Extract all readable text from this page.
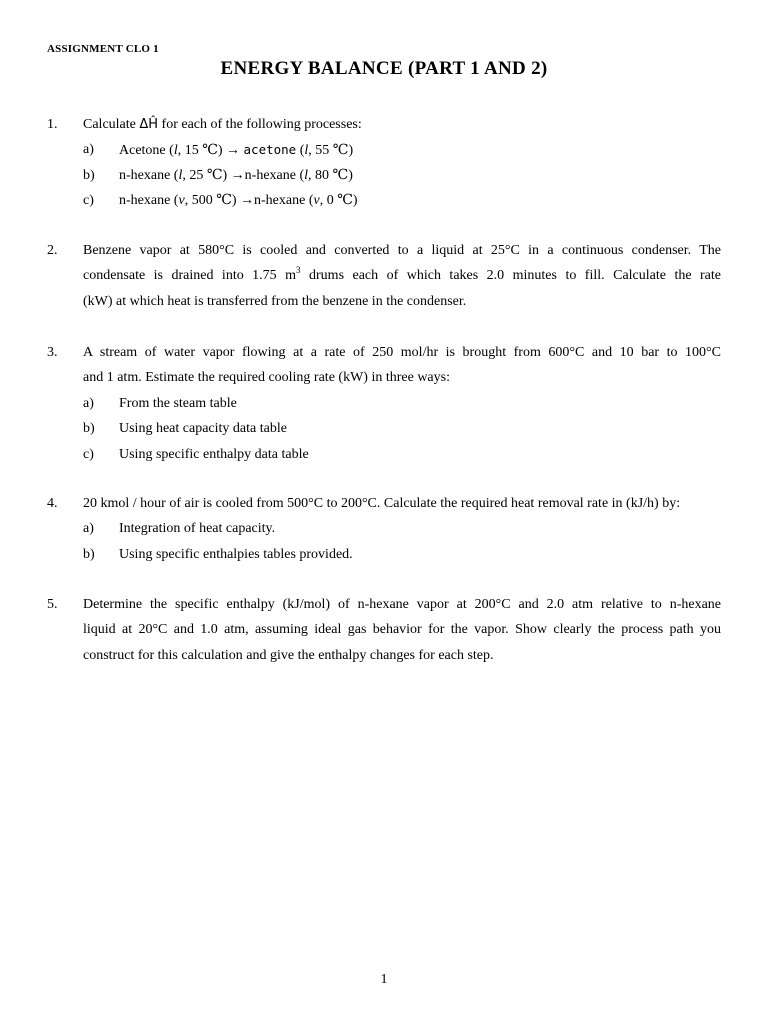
ASSIGNMENT CLO 1
ENERGY BALANCE (PART 1 AND 2)
1. Calculate ΔĤ for each of the following processes:
a) Acetone (l, 15 ℃) → acetone (l, 55 ℃)
b) n-hexane (l, 25 ℃) →n-hexane (l, 80 ℃)
c) n-hexane (v, 500 ℃) →n-hexane (v, 0 ℃)
2. Benzene vapor at 580°C is cooled and converted to a liquid at 25°C in a continuous condenser. The
condensate is drained into 1.75 $m^3$ drums each of which takes 2.0 minutes to fill. Calculate the rate
(kW) at which heat is transferred from the benzene in the condenser.
3. A stream of water vapor flowing at a rate of 250 mol/hr is brought from 600°C and 10 bar to 100°C
and 1 atm. Estimate the required cooling rate (kW) in three ways:
a) From the steam table
b) Using heat capacity data table
c) Using specific enthalpy data table
4. 20 kmol / hour of air is cooled from 500°C to 200°C. Calculate the required heat removal rate in (kJ/h) by:
a) Integration of heat capacity.
b) Using specific enthalpies tables provided.
5. Determine the specific enthalpy (kJ/mol) of n-hexane vapor at 200°C and 2.0 atm relative to n-hexane
liquid at 20°C and 1.0 atm, assuming ideal gas behavior for the vapor. Show clearly the process path you
construct for this calculation and give the enthalpy changes for each step.
1
